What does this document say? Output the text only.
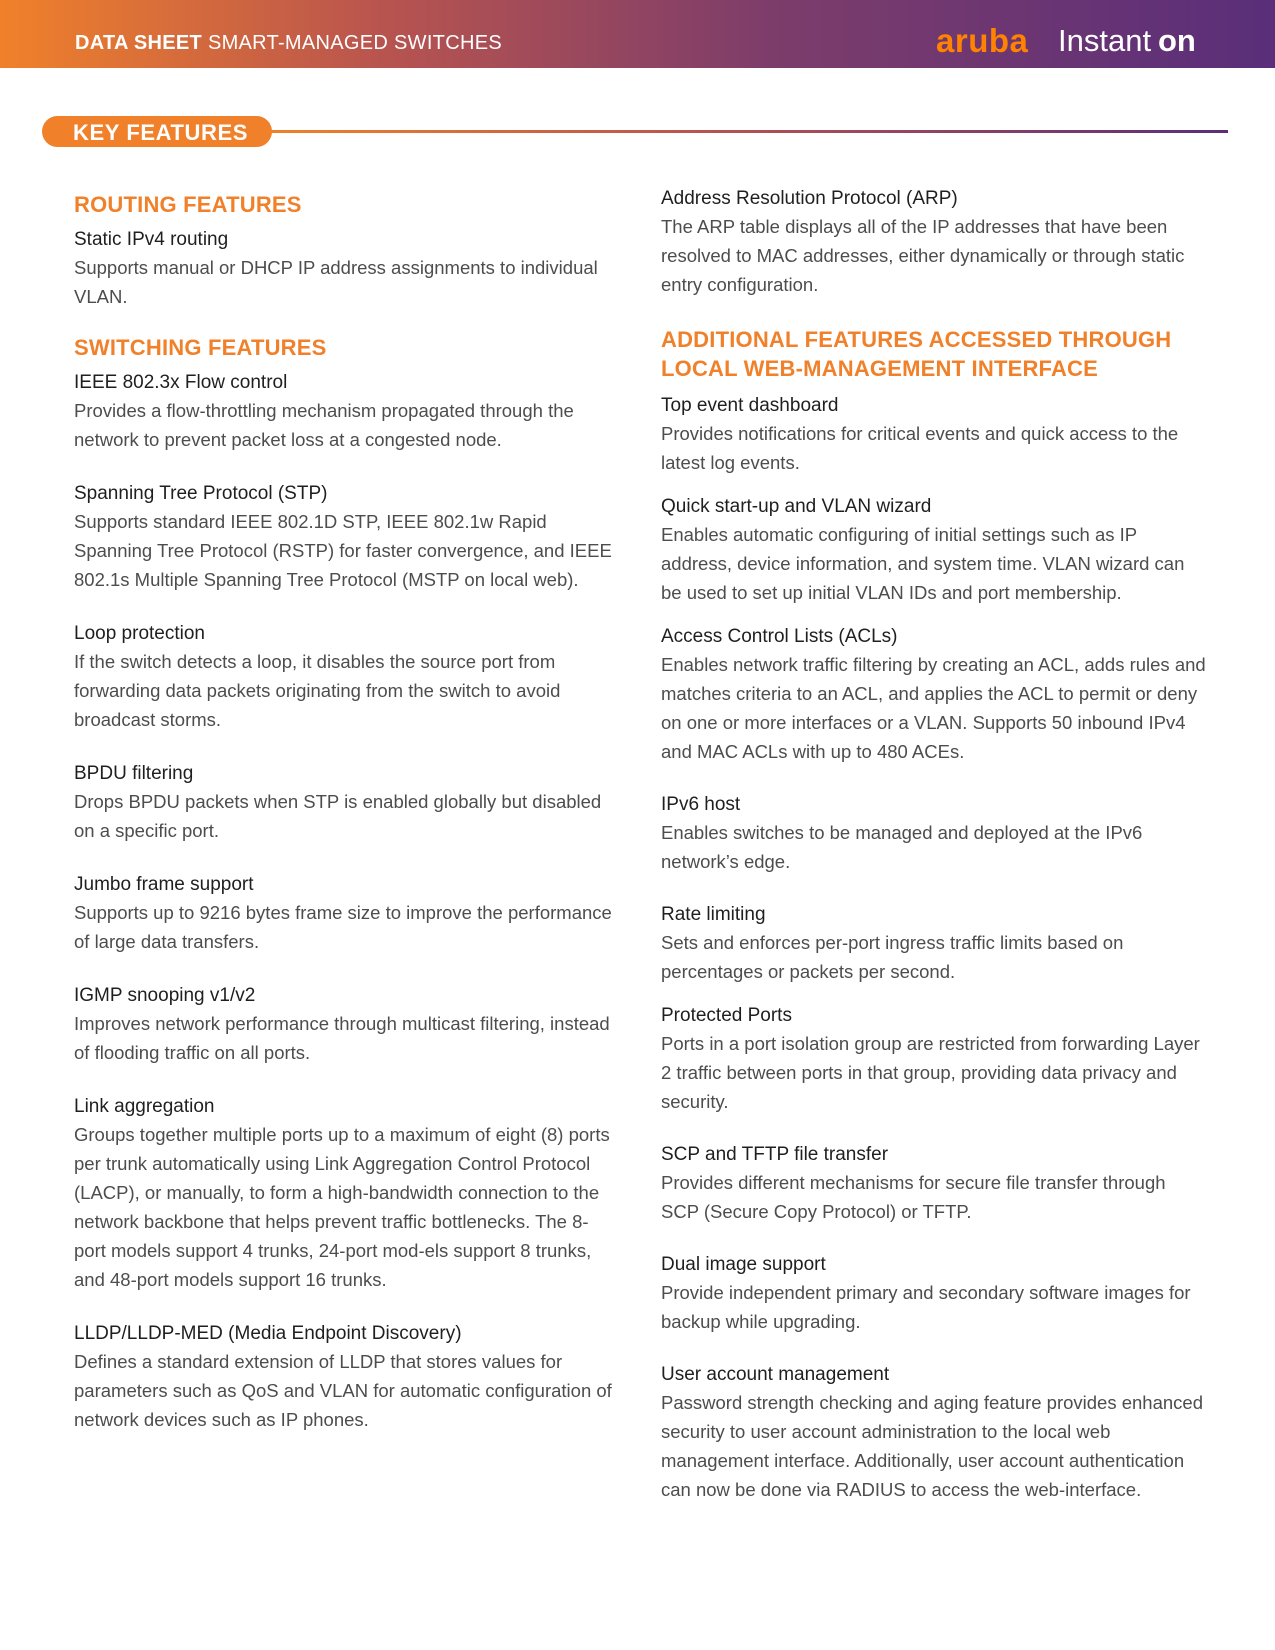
DATA SHEET SMART-MANAGED SWITCHES	aruba Instant on
KEY FEATURES
ROUTING FEATURES

Static IPv4 routing

Supports manual or DHCP IP address assignments to individual VLAN.

SWITCHING FEATURES

IEEE 802.3x Flow control

Provides a flow-throttling mechanism propagated through the network to prevent packet loss at a congested node.

Spanning Tree Protocol (STP)

Supports standard IEEE 802.1D STP, IEEE 802.1w Rapid Spanning Tree Protocol (RSTP) for faster convergence, and IEEE 802.1s Multiple Spanning Tree Protocol (MSTP on local web).

Loop protection

If the switch detects a loop, it disables the source port from forwarding data packets originating from the switch to avoid broadcast storms.

BPDU filtering

Drops BPDU packets when STP is enabled globally but disabled on a specific port.

Jumbo frame support

Supports up to 9216 bytes frame size to improve the performance of large data transfers.

IGMP snooping v1/v2

Improves network performance through multicast filtering, instead of flooding traffic on all ports.

Link aggregation

Groups together multiple ports up to a maximum of eight (8) ports per trunk automatically using Link Aggregation Control Protocol (LACP), or manually, to form a high-bandwidth connection to the network backbone that helps prevent traffic bottlenecks. The 8-port models support 4 trunks, 24-port mod-els support 8 trunks, and 48-port models support 16 trunks.

LLDP/LLDP-MED (Media Endpoint Discovery)

Defines a standard extension of LLDP that stores values for parameters such as QoS and VLAN for automatic configuration of network devices such as IP phones.

Address Resolution Protocol (ARP)

The ARP table displays all of the IP addresses that have been resolved to MAC addresses, either dynamically or through static entry configuration.

ADDITIONAL FEATURES ACCESSED THROUGH
LOCAL WEB-MANAGEMENT INTERFACE

Top event dashboard

Provides notifications for critical events and quick access to the latest log events.

Quick start-up and VLAN wizard

Enables automatic configuring of initial settings such as IP address, device information, and system time. VLAN wizard can be used to set up initial VLAN IDs and port membership.

Access Control Lists (ACLs)

Enables network traffic filtering by creating an ACL, adds rules and matches criteria to an ACL, and applies the ACL to permit or deny on one or more interfaces or a VLAN. Supports 50 inbound IPv4 and MAC ACLs with up to 480 ACEs.

IPv6 host

Enables switches to be managed and deployed at the IPv6 network’s edge.

Rate limiting

Sets and enforces per-port ingress traffic limits based on percentages or packets per second.

Protected Ports

Ports in a port isolation group are restricted from forwarding Layer 2 traffic between ports in that group, providing data privacy and security.

SCP and TFTP file transfer

Provides different mechanisms for secure file transfer through SCP (Secure Copy Protocol) or TFTP.

Dual image support

Provide independent primary and secondary software images for backup while upgrading.

User account management

Password strength checking and aging feature provides enhanced security to user account administration to the local web management interface. Additionally, user account authentication can now be done via RADIUS to access the web-interface.
